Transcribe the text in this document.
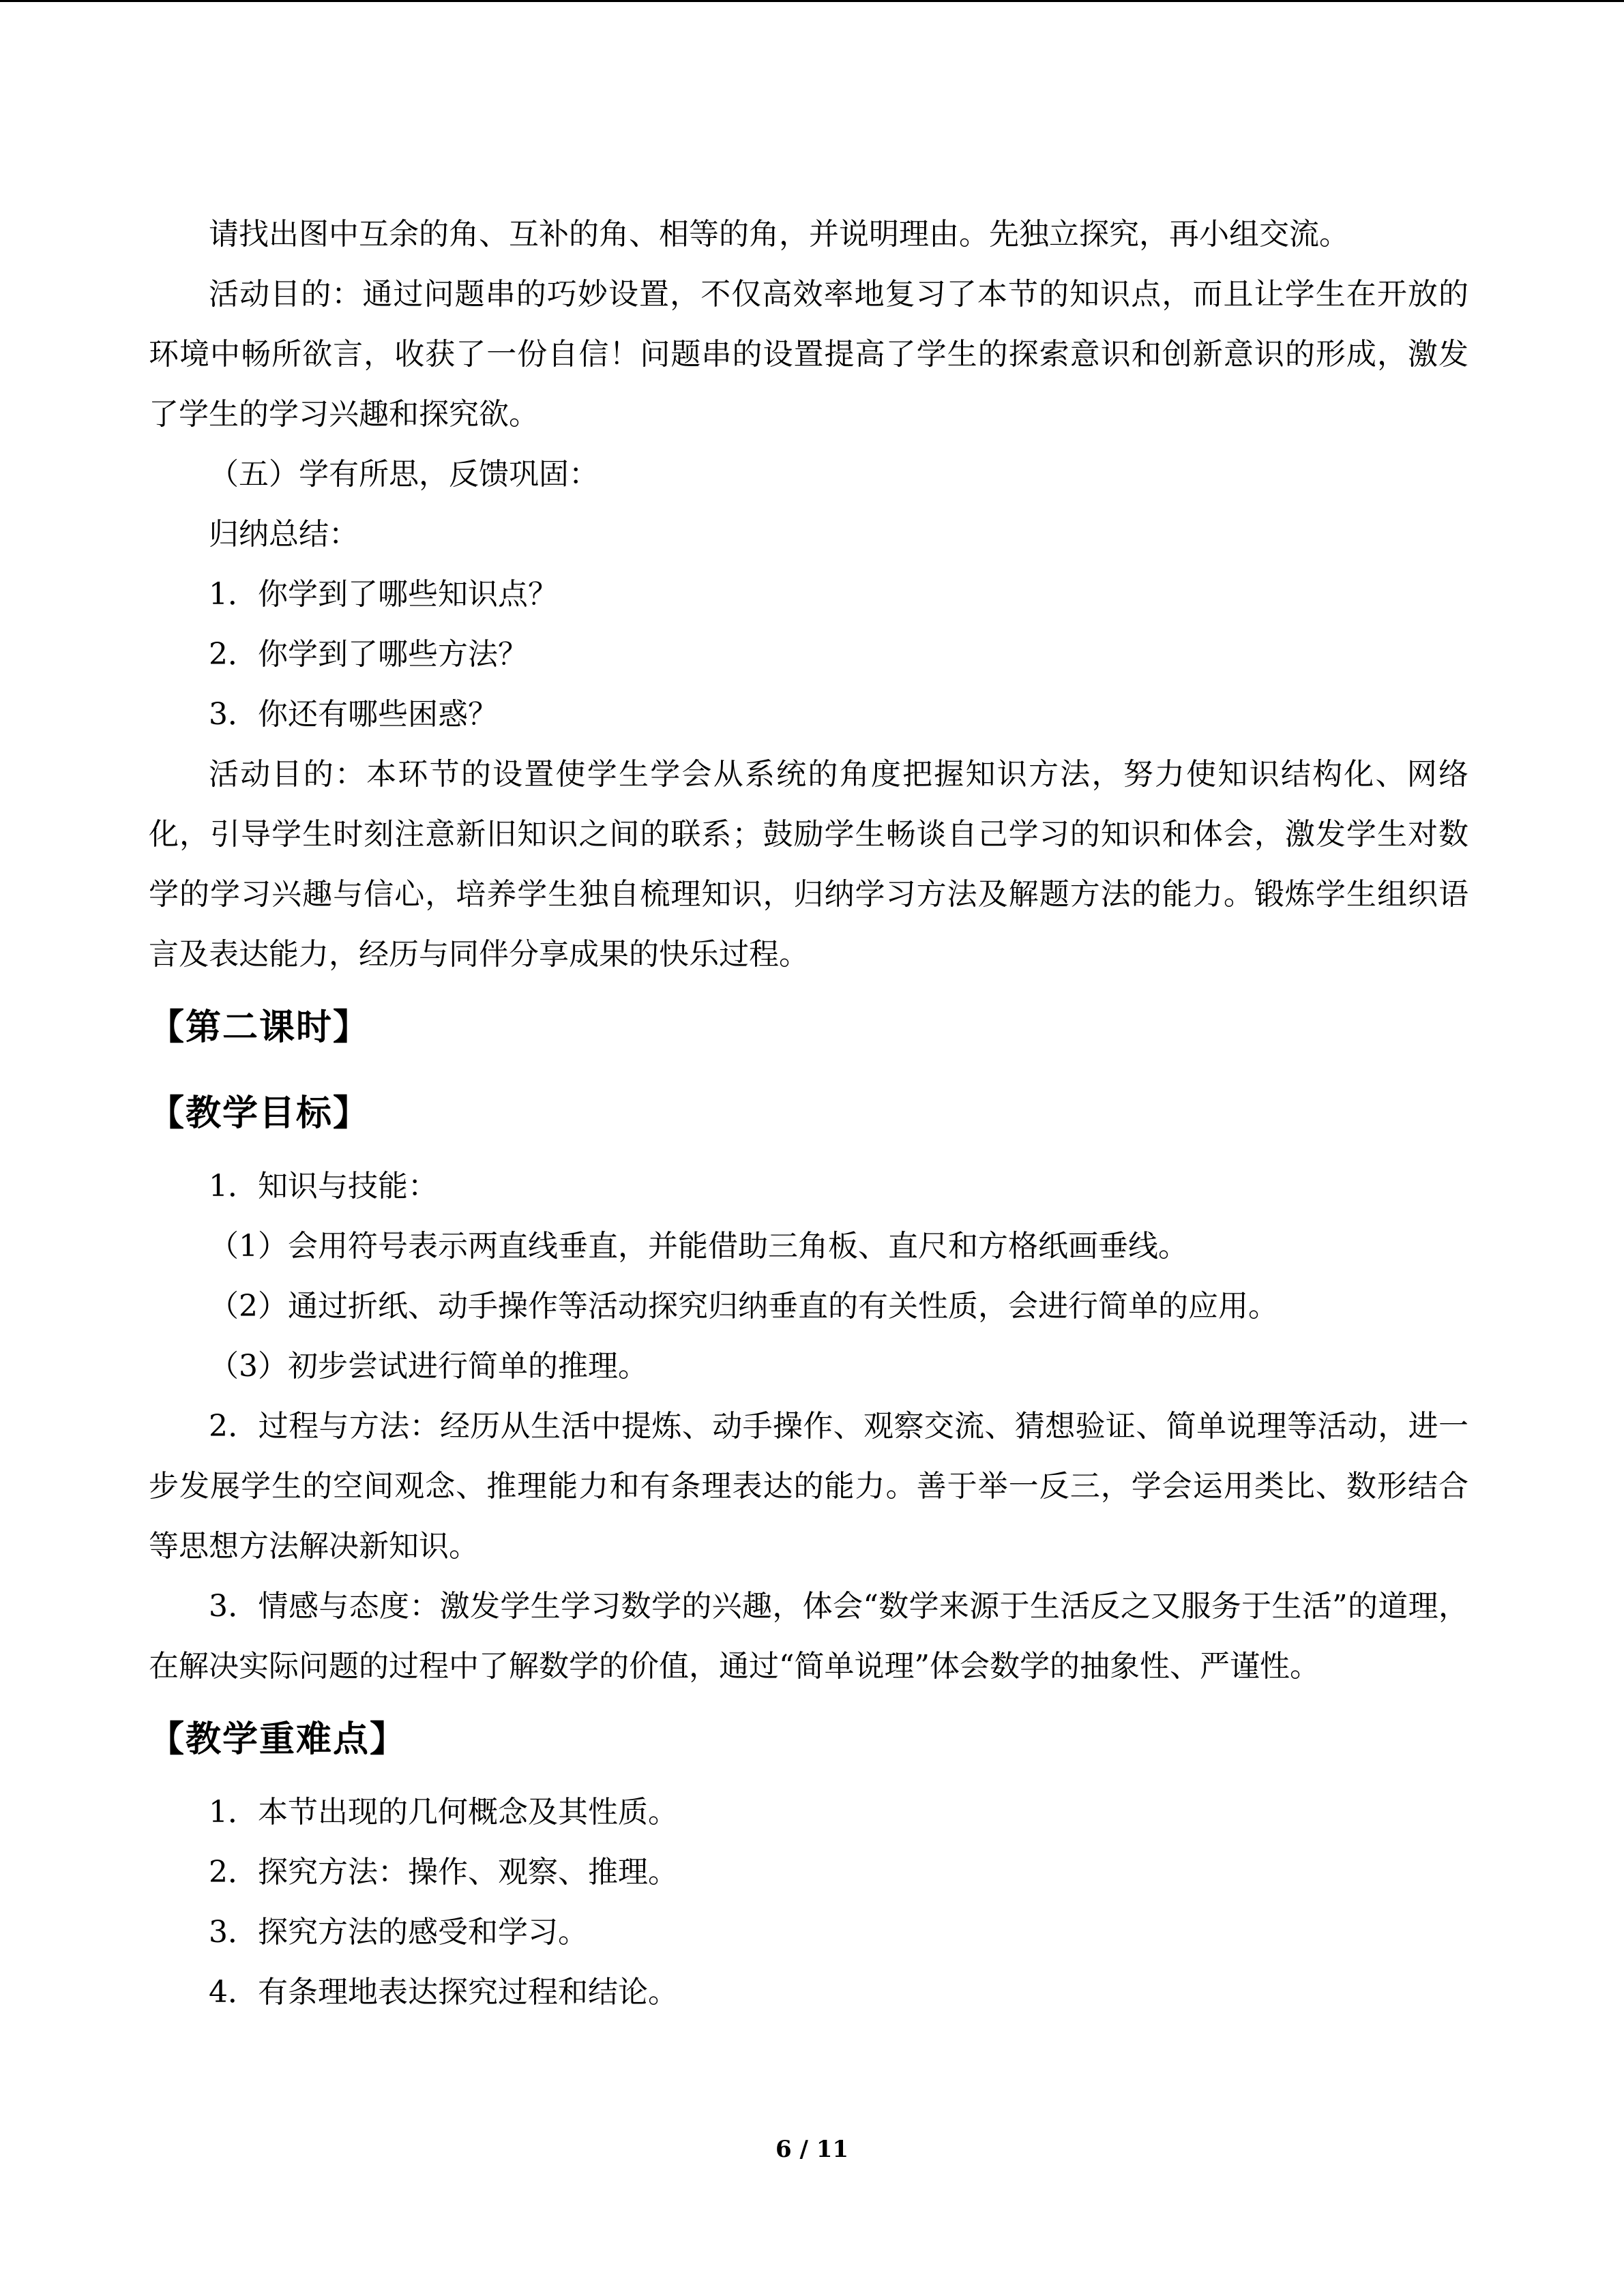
请找出图中互余的角、互补的角、相等的角，并说明理由。先独立探究，再小组交流。

活动目的：通过问题串的巧妙设置，不仅高效率地复习了本节的知识点，而且让学生在开放的环境中畅所欲言，收获了一份自信！问题串的设置提高了学生的探索意识和创新意识的形成，激发了学生的学习兴趣和探究欲。

（五）学有所思，反馈巩固：

归纳总结：

1．你学到了哪些知识点？

2．你学到了哪些方法？

3．你还有哪些困惑？

活动目的：本环节的设置使学生学会从系统的角度把握知识方法，努力使知识结构化、网络化，引导学生时刻注意新旧知识之间的联系；鼓励学生畅谈自己学习的知识和体会，激发学生对数学的学习兴趣与信心，培养学生独自梳理知识，归纳学习方法及解题方法的能力。锻炼学生组织语言及表达能力，经历与同伴分享成果的快乐过程。

【第二课时】
【教学目标】

1．知识与技能：

（1）会用符号表示两直线垂直，并能借助三角板、直尺和方格纸画垂线。

（2）通过折纸、动手操作等活动探究归纳垂直的有关性质，会进行简单的应用。

（3）初步尝试进行简单的推理。

2．过程与方法：经历从生活中提炼、动手操作、观察交流、猜想验证、简单说理等活动，进一步发展学生的空间观念、推理能力和有条理表达的能力。善于举一反三，学会运用类比、数形结合等思想方法解决新知识。

3．情感与态度：激发学生学习数学的兴趣，体会“数学来源于生活反之又服务于生活”的道理，在解决实际问题的过程中了解数学的价值，通过“简单说理”体会数学的抽象性、严谨性。

【教学重难点】

1．本节出现的几何概念及其性质。

2．探究方法：操作、观察、推理。

3．探究方法的感受和学习。

4．有条理地表达探究过程和结论。

6 / 11
